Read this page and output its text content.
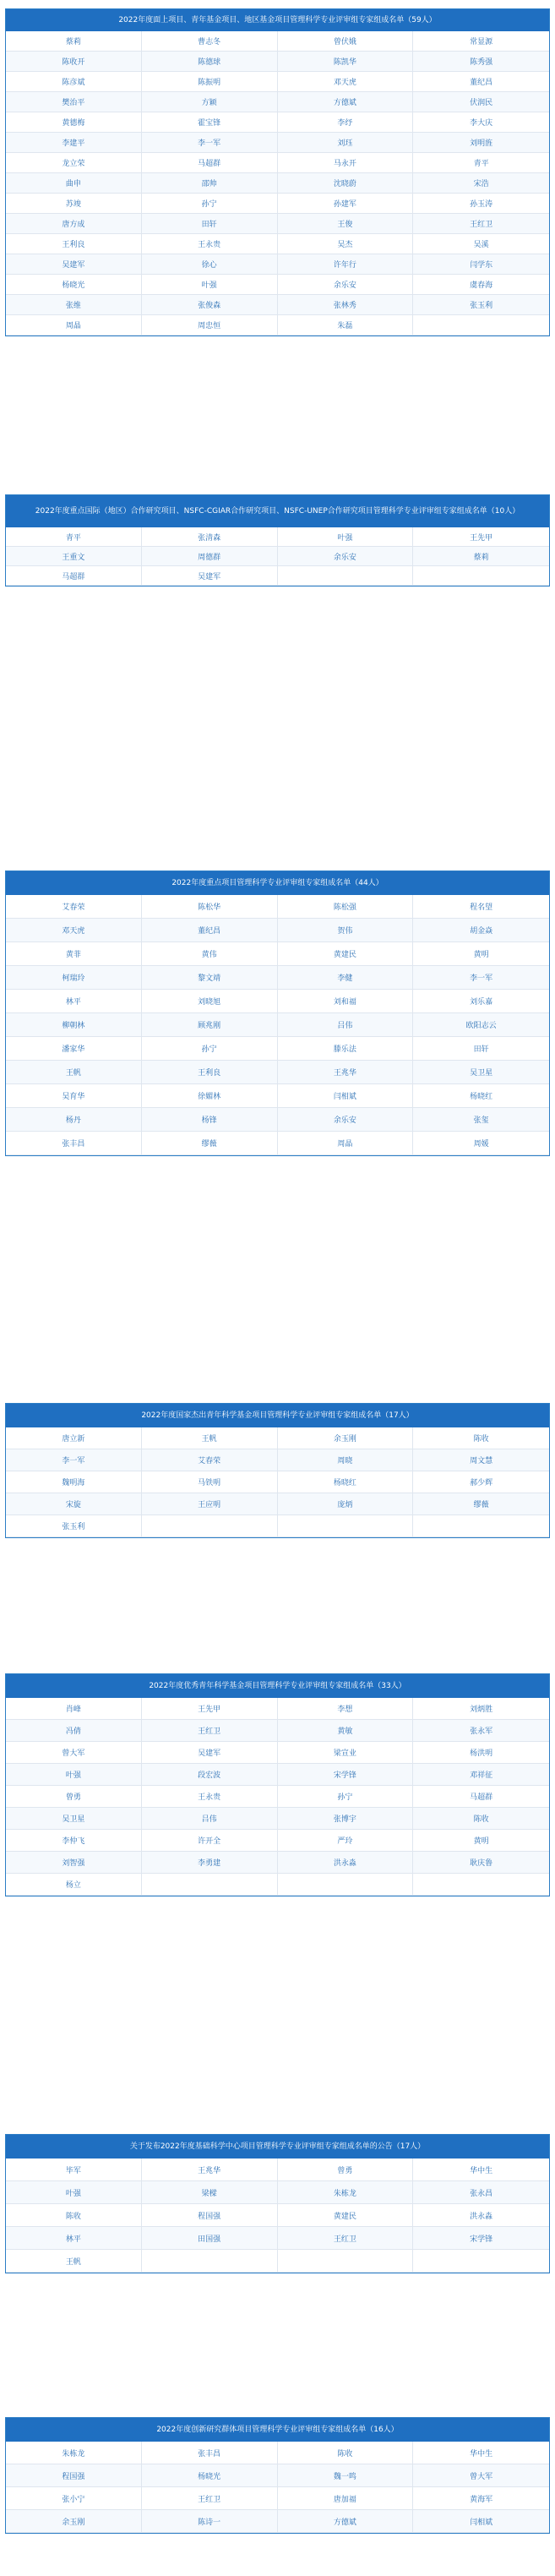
2022年度面上项目、青年基金项目、地区基金项目管理科学专业评审组专家组成名单（59人）
蔡莉	曹志冬	曾伏娥	常显源
陈收开	陈德球	陈凯华	陈秀强
陈彦斌	陈振明	邓天虎	董纪昌
樊治平	方颖	方德斌	伏润民
黄德梅	霍宝锋	李纾	李大庆
李建平	李一军	刘珏	刘明旌
龙立荣	马超群	马永开	青平
曲申	邵帅	沈晓蔚	宋浩
苏竣	孙宁	孙建军	孙玉涛
唐方成	田轩	王俊	王红卫
王利良	王永贵	吴杰	吴溪
吴建军	徐心	许年行	闫学东
杨晓光	叶强	余乐安	虞春海
张维	张俊森	张林秀	张玉利
周晶	周忠恒	朱磊
2022年度重点国际（地区）合作研究项目、NSFC-CGIAR合作研究项目、NSFC-UNEP合作研究项目管理科学专业评审组专家组成名单（10人）
青平	张清森	叶强	王先甲
王重文	周德群	余乐安	蔡莉
马超群	吴建军
2022年度重点项目管理科学专业评审组专家组成名单（44人）
艾春荣	陈松华	陈松强	程名望
邓天虎	董纪昌	贺伟	胡金焱
黄菲	黄伟	黄建民	黄明
柯瑞玲	黎文靖	李健	李一军
林平	刘晓旭	刘和福	刘乐嘉
柳朝林	顾兆刚	吕伟	欧阳志云
潘家华	孙宁	滕乐法	田轩
王帆	王利良	王兆华	吴卫星
吴育华	徐媚林	闫相斌	杨晓红
杨丹	杨锋	余乐安	张玺
张丰昌	缪薇	周晶	周媛
2022年度国家杰出青年科学基金项目管理科学专业评审组专家组成名单（17人）
唐立新	王帆	余玉刚	陈收
李一军	艾春荣	周晓	周文慧
魏明海	马铁明	杨晓红	郝少辉
宋旋	王应明	庞炳	缪薇
张玉利
2022年度优秀青年科学基金项目管理科学专业评审组专家组成名单（33人）
肖峰	王先甲	李想	刘炳胜
冯倩	王红卫	黄敏	张永军
曾大军	吴建军	梁宣业	杨洪明
叶强	段宏波	宋学锋	邓祥征
曾勇	王永贵	孙宁	马超群
吴卫星	吕伟	张博宇	陈收
李仲飞	许开全	严玲	黄明
刘智强	李勇建	洪永淼	耿庆鲁
杨立
关于发布2022年度基础科学中心项目管理科学专业评审组专家组成名单的公告（17人）
毕军	王兆华	曾勇	华中生
叶强	梁樑	朱栋龙	张永昌
陈收	程国强	黄建民	洪永淼
林平	田国强	王红卫	宋学锋
王帆
2022年度创新研究群体项目管理科学专业评审组专家组成名单（16人）
朱栋龙	张丰昌	陈收	华中生
程国强	杨晓光	魏一鸣	曾大军
张小宁	王红卫	唐加福	黄海军
余玉刚	陈诗一	方德斌	闫相斌
